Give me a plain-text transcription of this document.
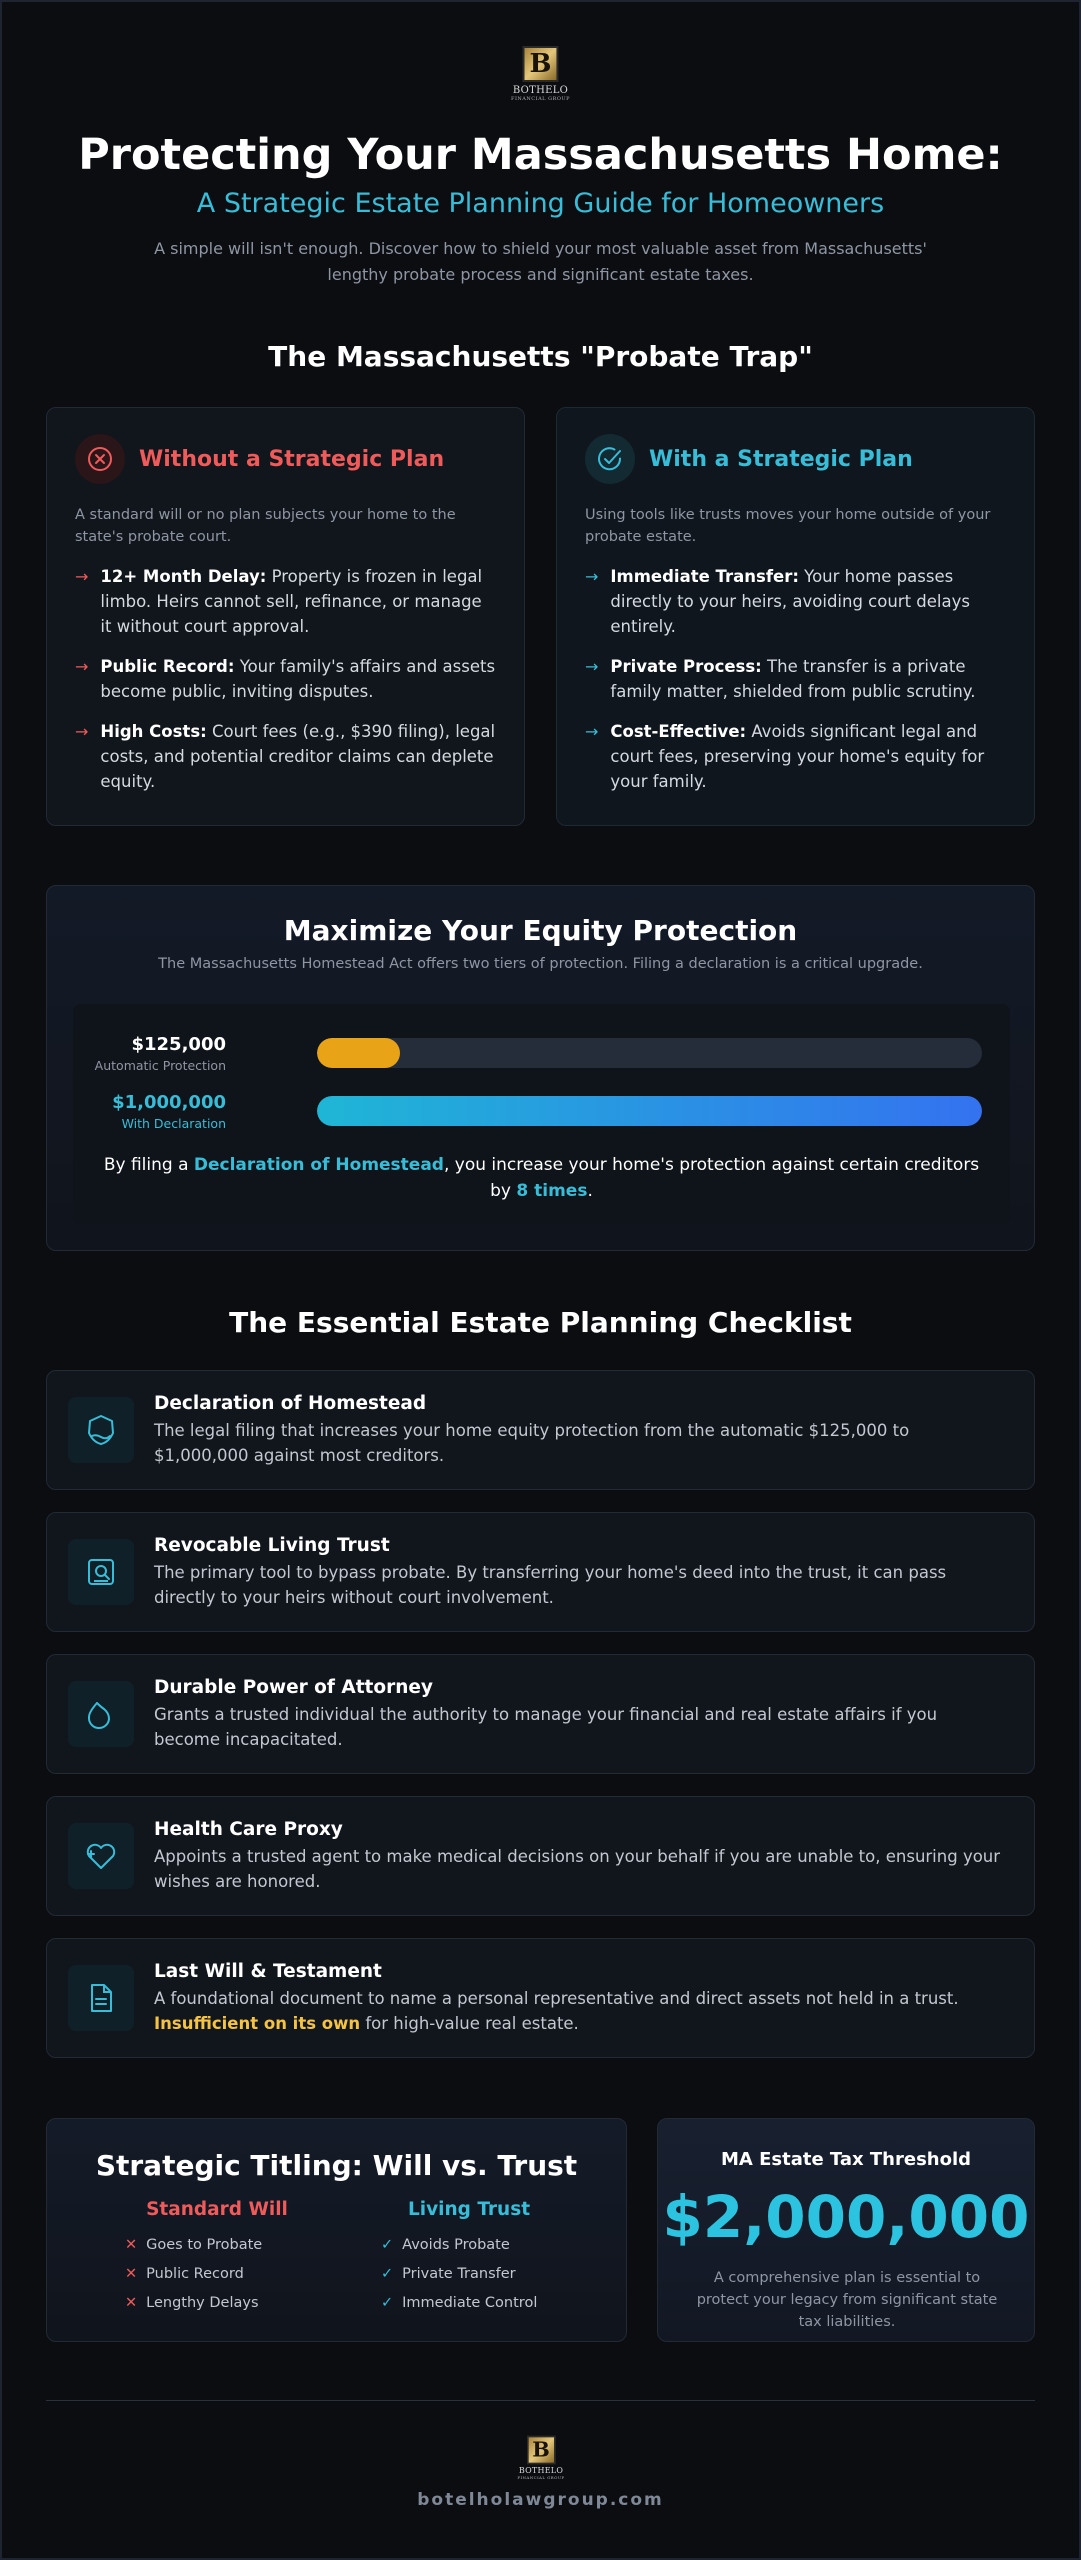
B
BOTHELO
FINANCIAL GROUP
Protecting Your Massachusetts Home:
A Strategic Estate Planning Guide for Homeowners
A simple will isn't enough. Discover how to shield your most valuable asset from Massachusetts' lengthy probate process and significant estate taxes.
The Massachusetts "Probate Trap"
Without a Strategic Plan
A standard will or no plan subjects your home to the state's probate court.
→ 12+ Month Delay: Property is frozen in legal limbo. Heirs cannot sell, refinance, or manage it without court approval.
→ Public Record: Your family's affairs and assets become public, inviting disputes.
→ High Costs: Court fees (e.g., $390 filing), legal costs, and potential creditor claims can deplete equity.
With a Strategic Plan
Using tools like trusts moves your home outside of your probate estate.
→ Immediate Transfer: Your home passes directly to your heirs, avoiding court delays entirely.
→ Private Process: The transfer is a private family matter, shielded from public scrutiny.
→ Cost-Effective: Avoids significant legal and court fees, preserving your home's equity for your family.
Maximize Your Equity Protection
The Massachusetts Homestead Act offers two tiers of protection. Filing a declaration is a critical upgrade.
$125,000
Automatic Protection
$1,000,000
With Declaration
By filing a Declaration of Homestead, you increase your home's protection against certain creditors by 8 times.
The Essential Estate Planning Checklist
Declaration of Homestead
The legal filing that increases your home equity protection from the automatic $125,000 to $1,000,000 against most creditors.
Revocable Living Trust
The primary tool to bypass probate. By transferring your home's deed into the trust, it can pass directly to your heirs without court involvement.
Durable Power of Attorney
Grants a trusted individual the authority to manage your financial and real estate affairs if you become incapacitated.
Health Care Proxy
Appoints a trusted agent to make medical decisions on your behalf if you are unable to, ensuring your wishes are honored.
Last Will & Testament
A foundational document to name a personal representative and direct assets not held in a trust.
Insufficient on its own for high-value real estate.
Strategic Titling: Will vs. Trust
Standard Will
✕ Goes to Probate
✕ Public Record
✕ Lengthy Delays
Living Trust
✓ Avoids Probate
✓ Private Transfer
✓ Immediate Control
MA Estate Tax Threshold
$2,000,000
A comprehensive plan is essential to protect your legacy from significant state tax liabilities.
B
BOTHELO
FINANCIAL GROUP
botelholawgroup.com
